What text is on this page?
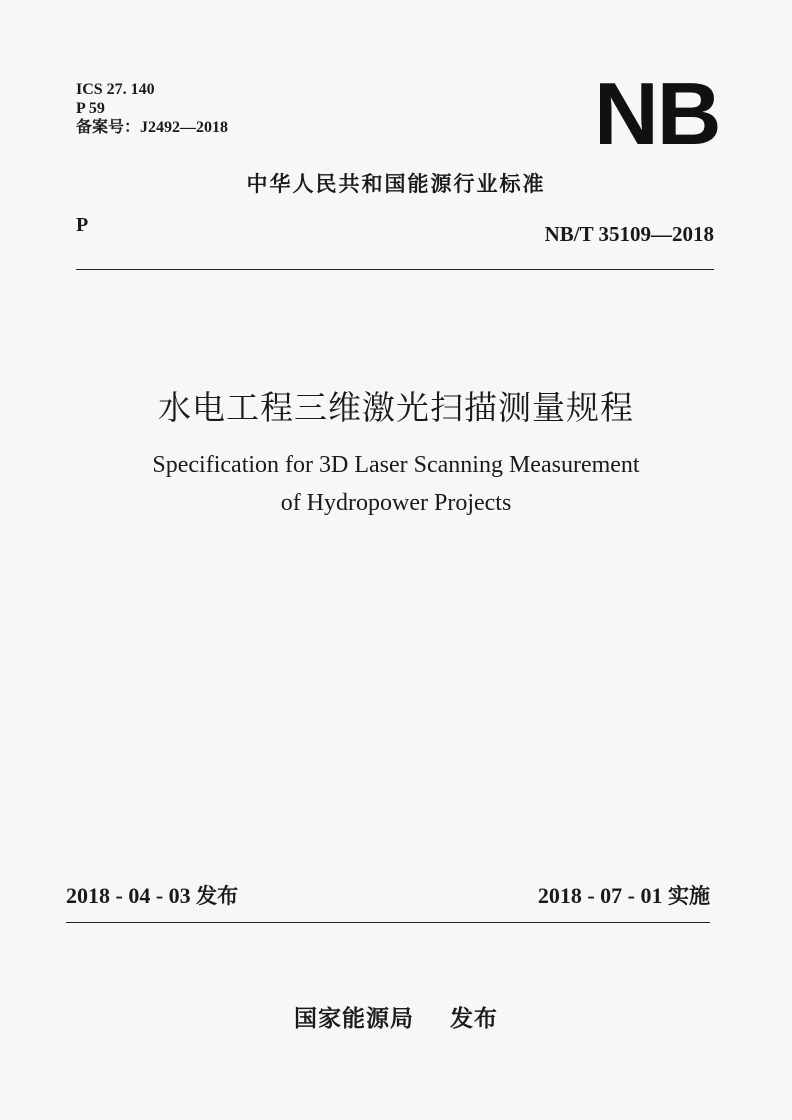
ICS 27. 140
P 59
备案号：J2492—2018	NB
中华人民共和国能源行业标准
P	NB/T 35109—2018
水电工程三维激光扫描测量规程
Specification for 3D Laser Scanning Measurement
of Hydropower Projects
2018 - 04 - 03 发布	2018 - 07 - 01 实施
国家能源局 发布
